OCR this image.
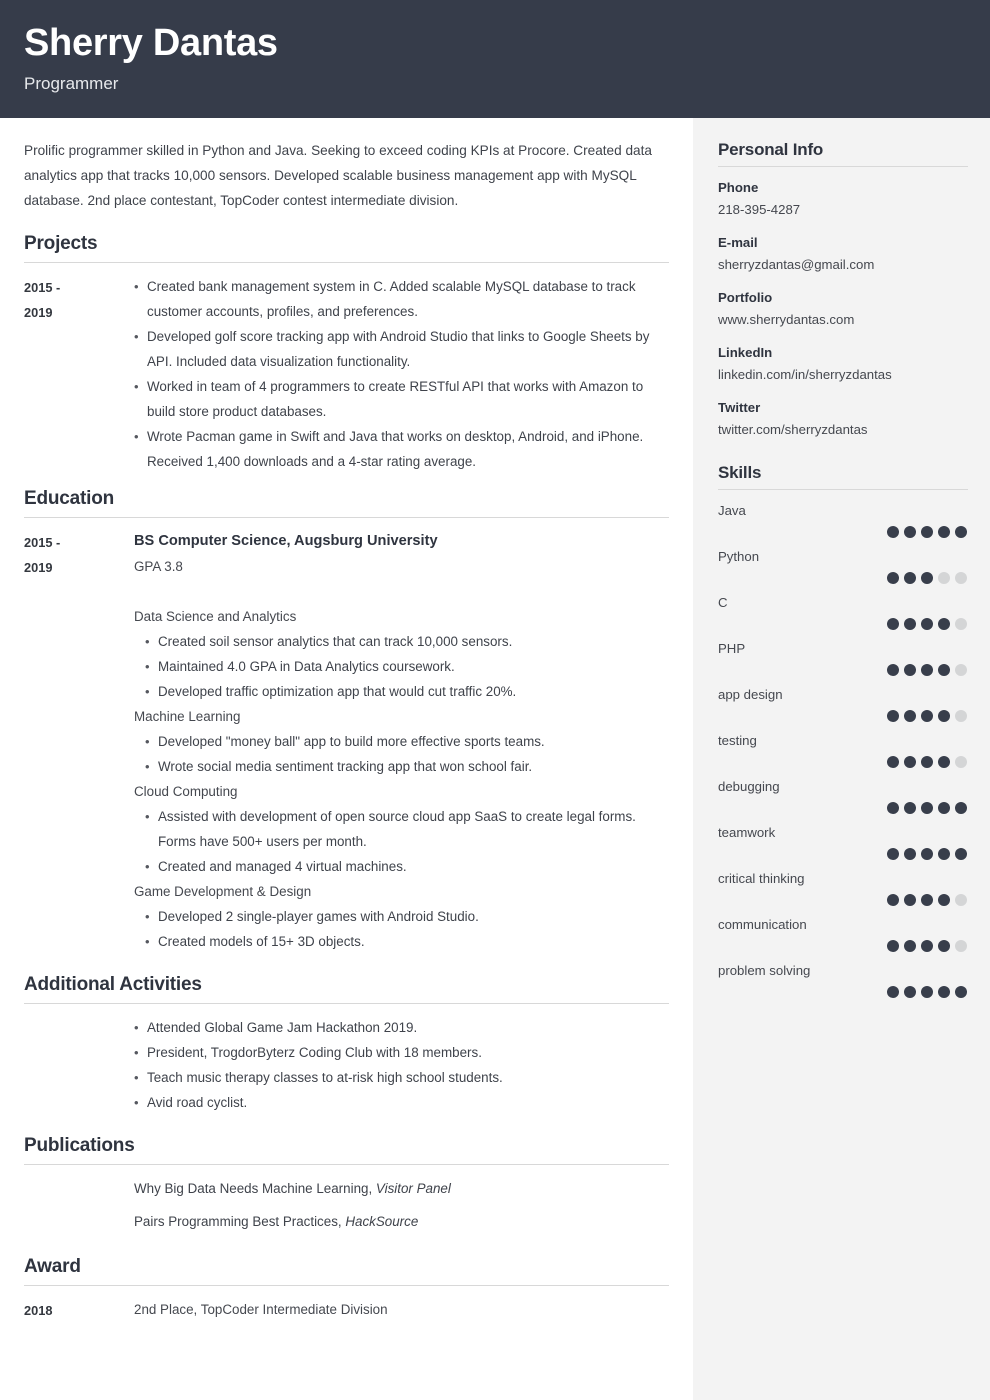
Sherry Dantas
Programmer
Prolific programmer skilled in Python and Java. Seeking to exceed coding KPIs at Procore. Created data analytics app that tracks 10,000 sensors. Developed scalable business management app with MySQL database. 2nd place contestant, TopCoder contest intermediate division.
Projects
2015 -
2019
• Created bank management system in C. Added scalable MySQL database to track customer accounts, profiles, and preferences.
• Developed golf score tracking app with Android Studio that links to Google Sheets by API. Included data visualization functionality.
• Worked in team of 4 programmers to create RESTful API that works with Amazon to build store product databases.
• Wrote Pacman game in Swift and Java that works on desktop, Android, and iPhone. Received 1,400 downloads and a 4-star rating average.
Education
2015 -
2019
BS Computer Science, Augsburg University
GPA 3.8
Data Science and Analytics
• Created soil sensor analytics that can track 10,000 sensors.
• Maintained 4.0 GPA in Data Analytics coursework.
• Developed traffic optimization app that would cut traffic 20%.
Machine Learning
• Developed "money ball" app to build more effective sports teams.
• Wrote social media sentiment tracking app that won school fair.
Cloud Computing
• Assisted with development of open source cloud app SaaS to create legal forms. Forms have 500+ users per month.
• Created and managed 4 virtual machines.
Game Development & Design
• Developed 2 single-player games with Android Studio.
• Created models of 15+ 3D objects.
Additional Activities
• Attended Global Game Jam Hackathon 2019.
• President, TrogdorByterz Coding Club with 18 members.
• Teach music therapy classes to at-risk high school students.
• Avid road cyclist.
Publications
Why Big Data Needs Machine Learning, Visitor Panel
Pairs Programming Best Practices, HackSource
Award
2018	2nd Place, TopCoder Intermediate Division
Personal Info
Phone
218-395-4287
E-mail
sherryzdantas@gmail.com
Portfolio
www.sherrydantas.com
LinkedIn
linkedin.com/in/sherryzdantas
Twitter
twitter.com/sherryzdantas
Skills
Java
Python
C
PHP
app design
testing
debugging
teamwork
critical thinking
communication
problem solving
